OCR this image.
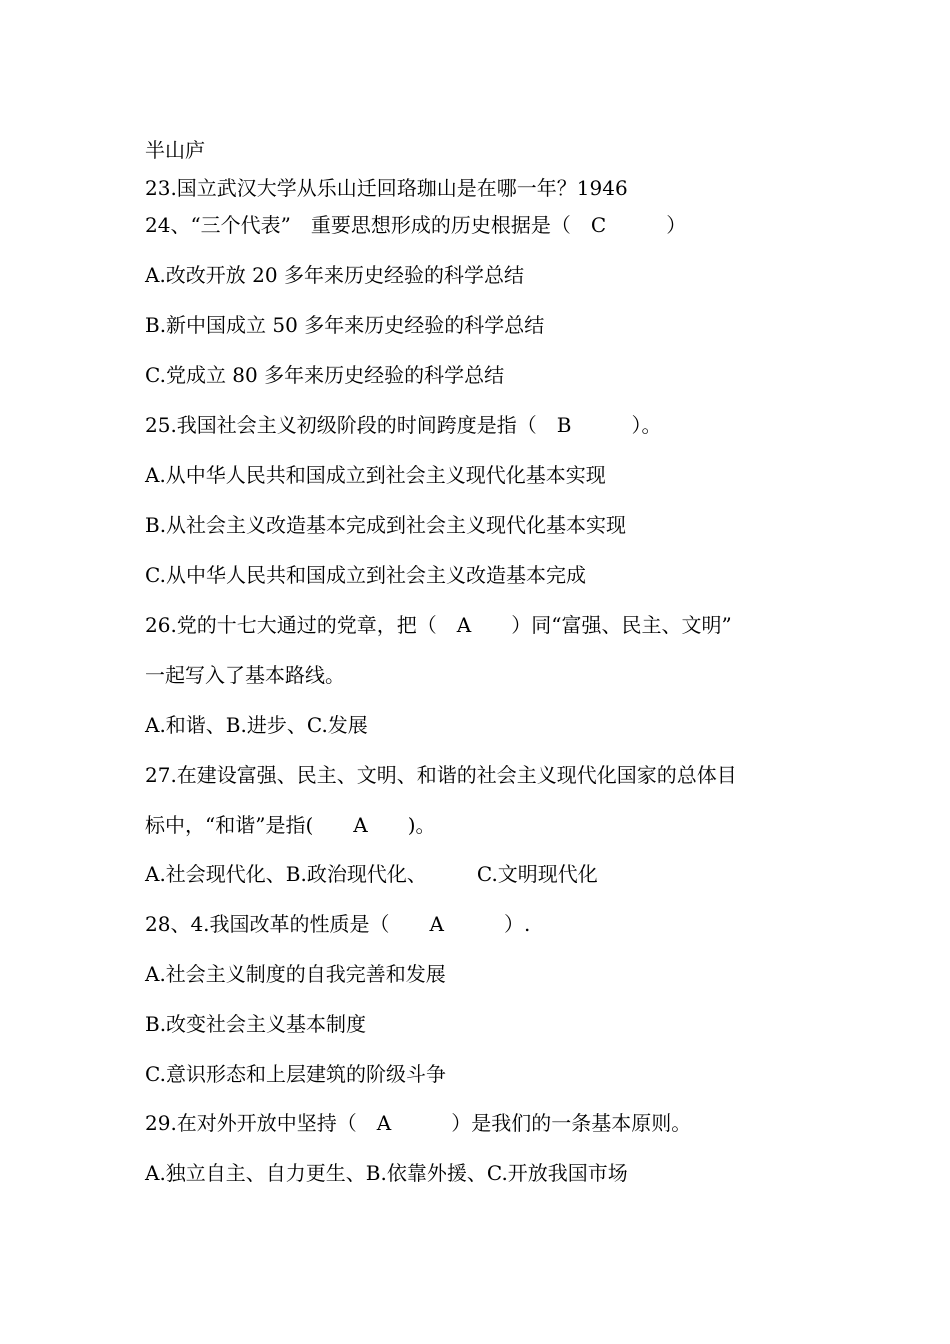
半山庐
23.国立武汉大学从乐山迁回珞珈山是在哪一年？1946
24、“三个代表”　重要思想形成的历史根据是（　C　　　）
A.改改开放 20 多年来历史经验的科学总结
B.新中国成立 50 多年来历史经验的科学总结
C.党成立 80 多年来历史经验的科学总结
25.我国社会主义初级阶段的时间跨度是指（　B　　　）。
A.从中华人民共和国成立到社会主义现代化基本实现
B.从社会主义改造基本完成到社会主义现代化基本实现
C.从中华人民共和国成立到社会主义改造基本完成
26.党的十七大通过的党章，把（　A　　）同“富强、民主、文明”
一起写入了基本路线。
A.和谐、B.进步、C.发展
27.在建设富强、民主、文明、和谐的社会主义现代化国家的总体目
标中，“和谐”是指(　　A　　)。
A.社会现代化、B.政治现代化、　　　C.文明现代化
28、4.我国改革的性质是（　　A　　　）.
A.社会主义制度的自我完善和发展
B.改变社会主义基本制度
C.意识形态和上层建筑的阶级斗争
29.在对外开放中坚持（　A　　　）是我们的一条基本原则。
A.独立自主、自力更生、B.依靠外援、C.开放我国市场
